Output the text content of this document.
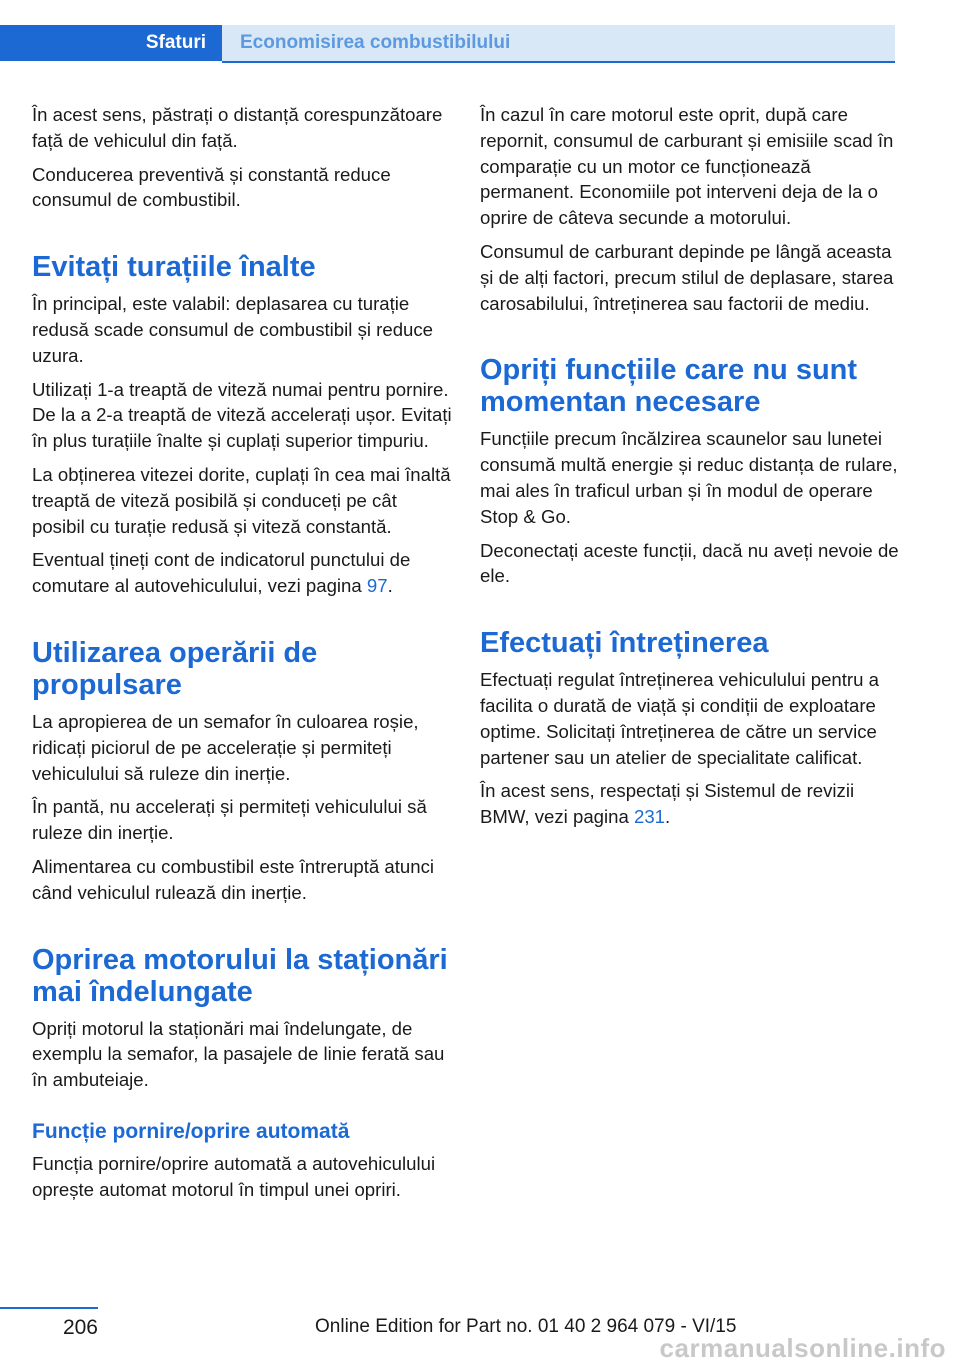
Sfaturi	Economisirea combustibilului

În acest sens, păstrați o distanță corespunzătoare față de vehiculul din față.

Conducerea preventivă și constantă reduce consumul de combustibil.

Evitați turațiile înalte

În principal, este valabil: deplasarea cu turație redusă scade consumul de combustibil și reduce uzura.

Utilizați 1-a treaptă de viteză numai pentru pornire. De la a 2-a treaptă de viteză accelerați ușor. Evitați în plus turațiile înalte și cuplați superior timpuriu.

La obținerea vitezei dorite, cuplați în cea mai înaltă treaptă de viteză posibilă și conduceți pe cât posibil cu turație redusă și viteză constantă.

Eventual țineți cont de indicatorul punctului de comutare al autovehiculului, vezi pagina 97.

Utilizarea operării de propulsare

La apropierea de un semafor în culoarea roșie, ridicați piciorul de pe accelerație și permiteți vehiculului să ruleze din inerție.

În pantă, nu accelerați și permiteți vehiculului să ruleze din inerție.

Alimentarea cu combustibil este întreruptă atunci când vehiculul rulează din inerție.

Oprirea motorului la staționări mai îndelungate

Opriți motorul la staționări mai îndelungate, de exemplu la semafor, la pasajele de linie ferată sau în ambuteiaje.

Funcție pornire/oprire automată

Funcția pornire/oprire automată a autovehiculului oprește automat motorul în timpul unei opriri.

În cazul în care motorul este oprit, după care repornit, consumul de carburant și emisiile scad în comparație cu un motor ce funcționează permanent. Economiile pot interveni deja de la o oprire de câteva secunde a motorului.

Consumul de carburant depinde pe lângă aceasta și de alți factori, precum stilul de deplasare, starea carosabilului, întreținerea sau factorii de mediu.

Opriți funcțiile care nu sunt momentan necesare

Funcțiile precum încălzirea scaunelor sau lunetei consumă multă energie și reduc distanța de rulare, mai ales în traficul urban și în modul de operare Stop & Go.

Deconectați aceste funcții, dacă nu aveți nevoie de ele.

Efectuați întreținerea

Efectuați regulat întreținerea vehiculului pentru a facilita o durată de viață și condiții de exploatare optime. Solicitați întreținerea de către un service partener sau un atelier de specialitate calificat.

În acest sens, respectați și Sistemul de revizii BMW, vezi pagina 231.

206	Online Edition for Part no. 01 40 2 964 079 - VI/15
carmanualsonline.info
